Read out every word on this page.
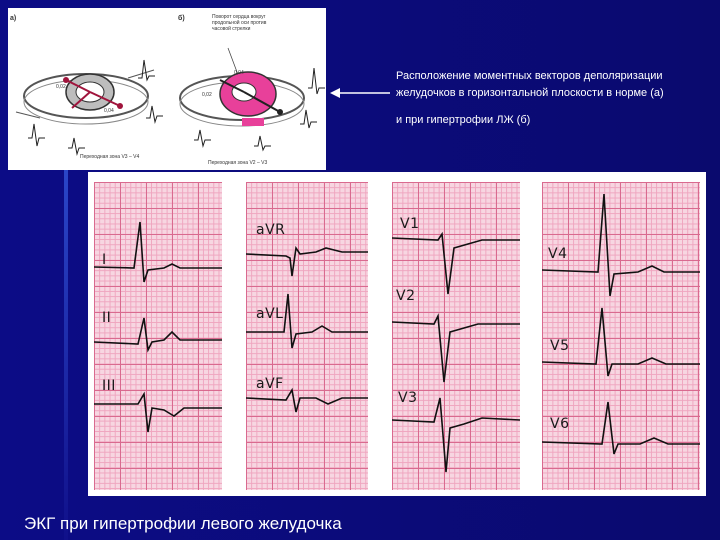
а)
0,02
0,04
Переходная зона V3 – V4
б)	Поворот сердца вокруг продольной оси против часовой стрелки
0,02
0,04
Переходная зона V2 – V3
Расположение моментных векторов деполяризации
желудочков в горизонтальной плоскости в норме (а)
и при гипертрофии ЛЖ (б)
I
II
III
aVR
aVL
aVF
V1
V2
V3
V4
V5
V6
ЭКГ при гипертрофии левого желудочка
